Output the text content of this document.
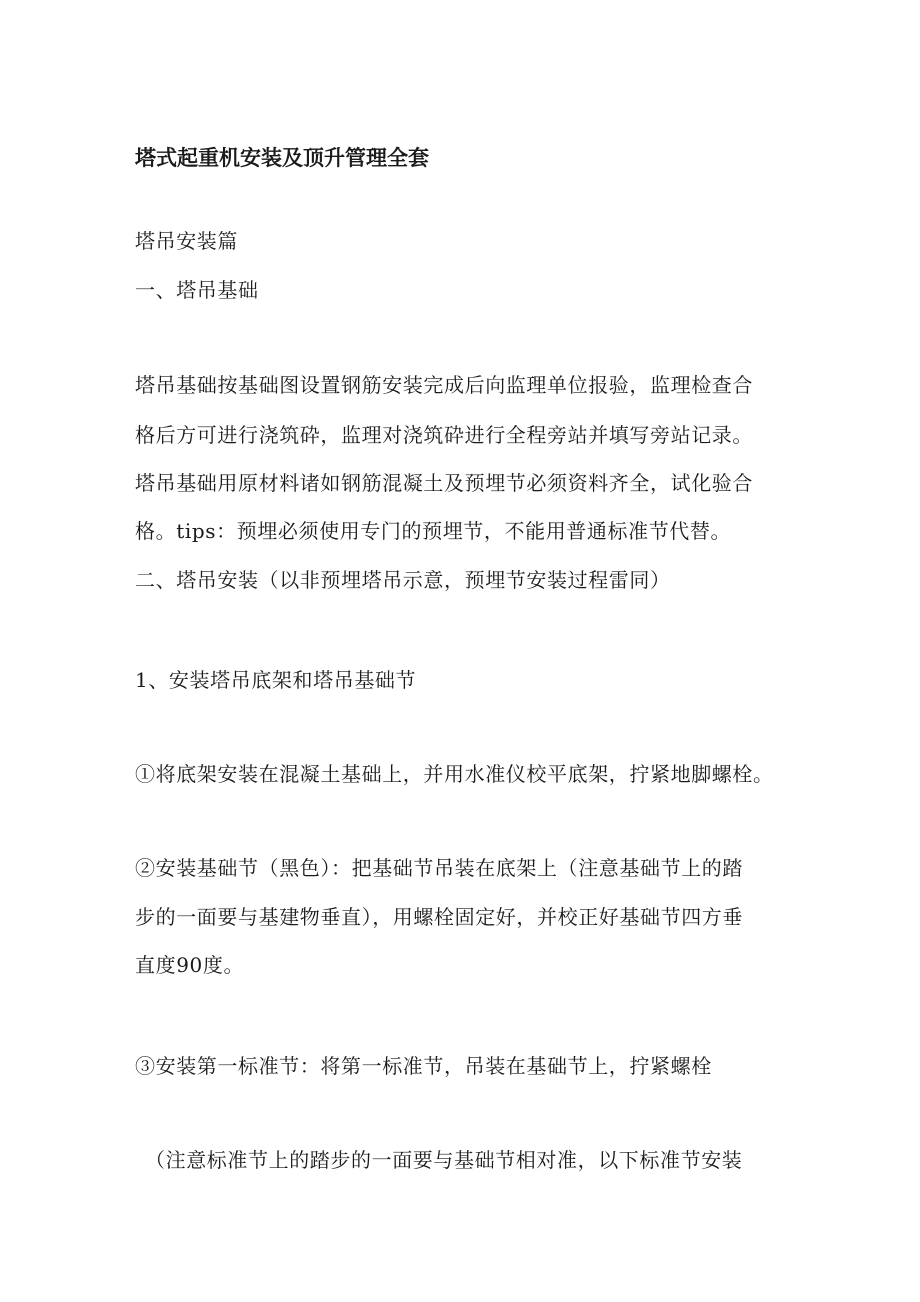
塔式起重机安装及顶升管理全套
塔吊安装篇
一、塔吊基础
塔吊基础按基础图设置钢筋安装完成后向监理单位报验，监理检查合
格后方可进行浇筑砕，监理对浇筑砕进行全程旁站并填写旁站记录。
塔吊基础用原材料诸如钢筋混凝土及预埋节必须资料齐全，试化验合
格。tips：预埋必须使用专门的预埋节，不能用普通标准节代替。
二、塔吊安装（以非预埋塔吊示意，预埋节安装过程雷同）
1、安装塔吊底架和塔吊基础节
①将底架安装在混凝土基础上，并用水准仪校平底架，拧紧地脚螺栓。
②安装基础节（黑色）：把基础节吊装在底架上（注意基础节上的踏
步的一面要与基建物垂直），用螺栓固定好，并校正好基础节四方垂
直度90度。
③安装第一标准节：将第一标准节，吊装在基础节上，拧紧螺栓
（注意标准节上的踏步的一面要与基础节相对准，以下标准节安装
